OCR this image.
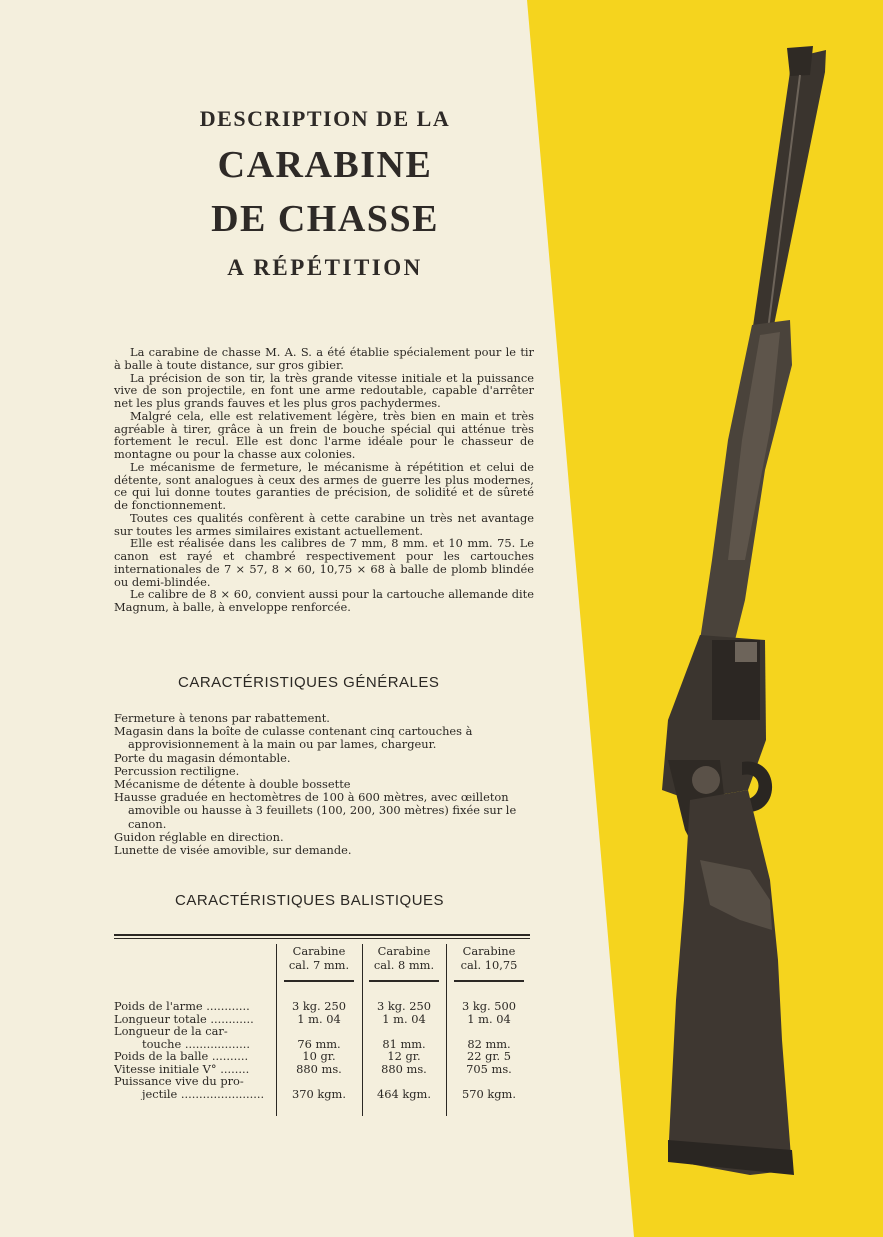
DESCRIPTION DE LA
CARABINE
DE CHASSE
A RÉPÉTITION

La carabine de chasse M. A. S. a été établie spécialement pour le tir à balle à toute distance, sur gros gibier.

La précision de son tir, la très grande vitesse initiale et la puissance vive de son projectile, en font une arme redoutable, capable d'arrêter net les plus grands fauves et les plus gros pachydermes.

Malgré cela, elle est relativement légère, très bien en main et très agréable à tirer, grâce à un frein de bouche spécial qui atténue très fortement le recul. Elle est donc l'arme idéale pour le chasseur de montagne ou pour la chasse aux colonies.

Le mécanisme de fermeture, le mécanisme à répétition et celui de détente, sont analogues à ceux des armes de guerre les plus modernes, ce qui lui donne toutes garanties de précision, de solidité et de sûreté de fonctionnement.

Toutes ces qualités confèrent à cette carabine un très net avantage sur toutes les armes similaires existant actuellement.

Elle est réalisée dans les calibres de 7 mm, 8 mm. et 10 mm. 75. Le canon est rayé et chambré respectivement pour les cartouches internationales de 7 × 57, 8 × 60, 10,75 × 68 à balle de plomb blindée ou demi-blindée.

Le calibre de 8 × 60, convient aussi pour la cartouche allemande dite Magnum, à balle, à enveloppe renforcée.

CARACTÉRISTIQUES GÉNÉRALES
Fermeture à tenons par rabattement.
Magasin dans la boîte de culasse contenant cinq cartouches à approvisionnement à la main ou par lames, chargeur.
Porte du magasin démontable.
Percussion rectiligne.
Mécanisme de détente à double bossette
Hausse graduée en hectomètres de 100 à 600 mètres, avec œilleton amovible ou hausse à 3 feuillets (100, 200, 300 mètres) fixée sur le canon.
Guidon réglable en direction.
Lunette de visée amovible, sur demande.
CARACTÉRISTIQUES BALISTIQUES
Carabine
cal. 7 mm.
Carabine
cal. 8 mm.
Carabine
cal. 10,75
Poids de l'arme ............
Longueur totale ............
Longueur de la car-
touche ..................
Poids de la balle ..........
Vitesse initiale V° ........
Puissance vive du pro-
jectile .......................
3 kg. 250
1 m. 04
76 mm.
10 gr.
880 ms.
370 kgm.
3 kg. 250
1 m. 04
81 mm.
12 gr.
880 ms.
464 kgm.
3 kg. 500
1 m. 04
82 mm.
22 gr. 5
705 ms.
570 kgm.
